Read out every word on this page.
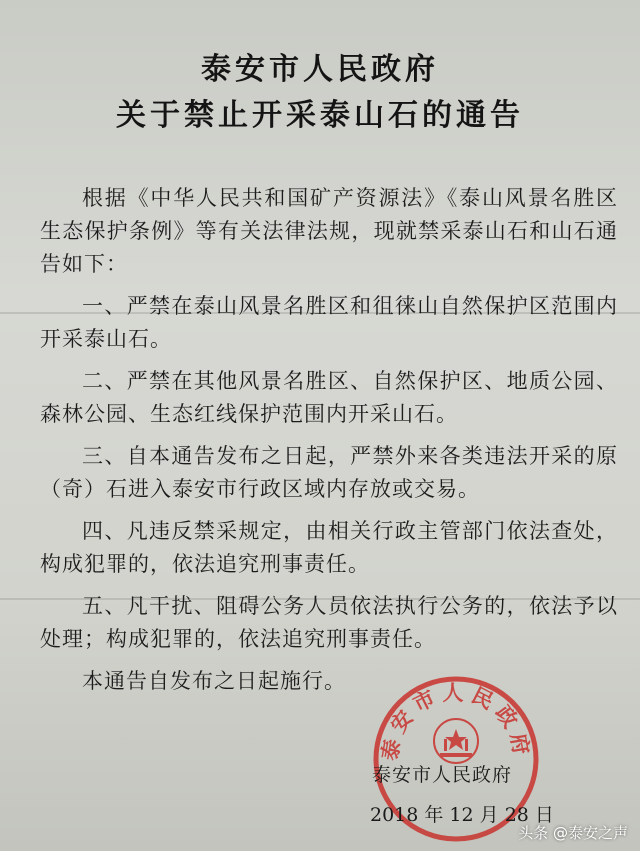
泰安市人民政府
关于禁止开采泰山石的通告

根据《中华人民共和国矿产资源法》《泰山风景名胜区生态保护条例》等有关法律法规，现就禁采泰山石和山石通告如下：

一、严禁在泰山风景名胜区和徂徕山自然保护区范围内开采泰山石。

二、严禁在其他风景名胜区、自然保护区、地质公园、森林公园、生态红线保护范围内开采山石。

三、自本通告发布之日起，严禁外来各类违法开采的原（奇）石进入泰安市行政区域内存放或交易。

四、凡违反禁采规定，由相关行政主管部门依法查处，构成犯罪的，依法追究刑事责任。

五、凡干扰、阻碍公务人员依法执行公务的，依法予以处理；构成犯罪的，依法追究刑事责任。

本通告自发布之日起施行。

泰安市人民政府
泰安市人民政府
2018 年 12 月 28 日
头条 @泰安之声
